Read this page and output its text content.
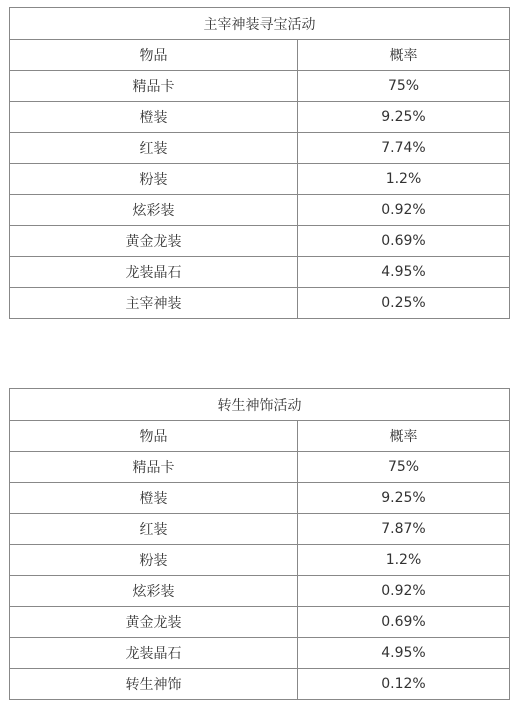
主宰神装寻宝活动	
物品	概率
精品卡	75%
橙装	9.25%
红装	7.74%
粉装	1.2%
炫彩装	0.92%
黄金龙装	0.69%
龙装晶石	4.95%
主宰神装	0.25%
转生神饰活动	
物品	概率
精品卡	75%
橙装	9.25%
红装	7.87%
粉装	1.2%
炫彩装	0.92%
黄金龙装	0.69%
龙装晶石	4.95%
转生神饰	0.12%
